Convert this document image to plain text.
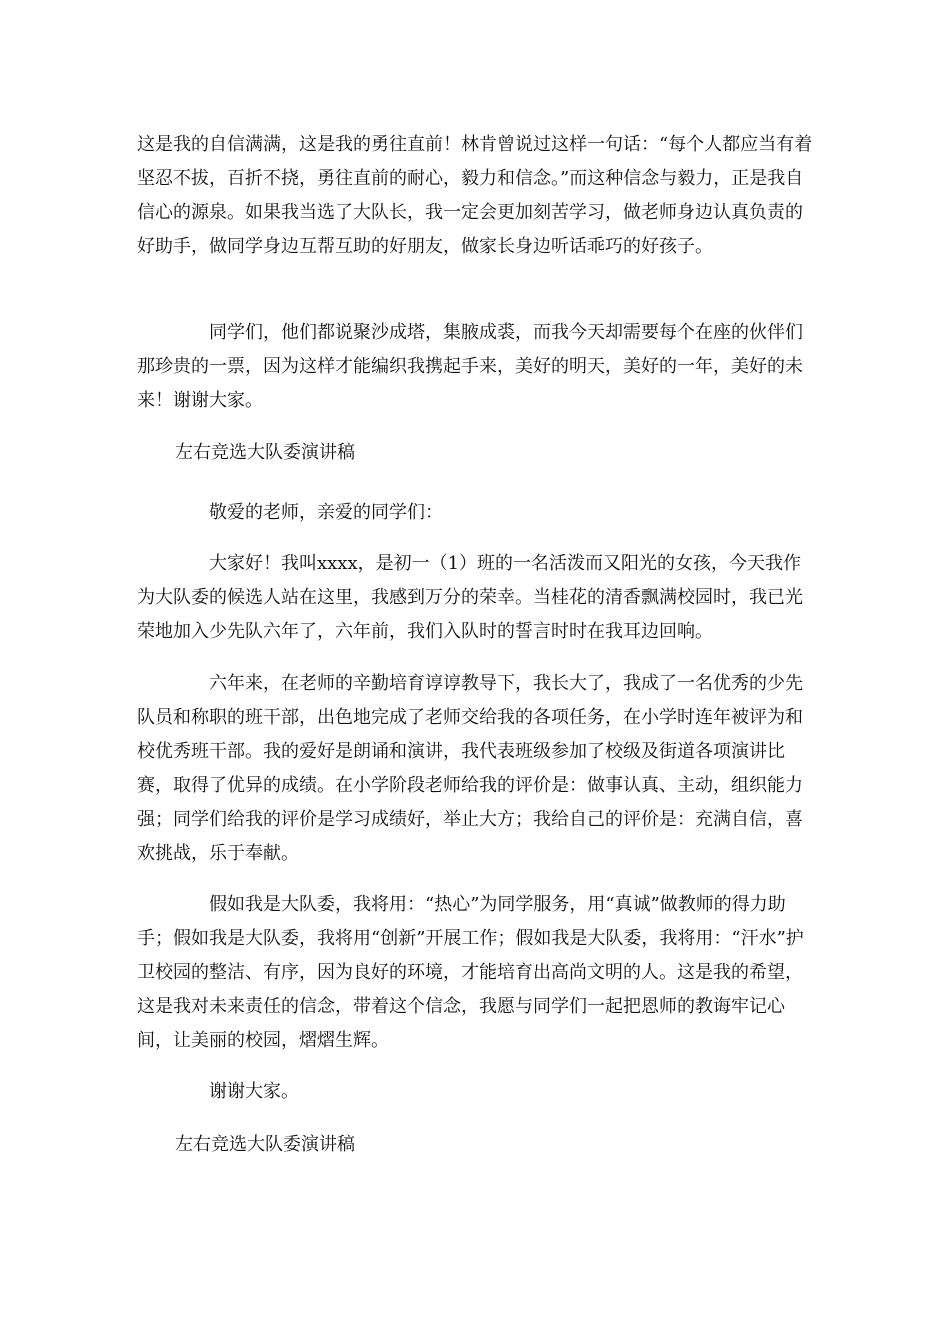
这是我的自信满满，这是我的勇往直前！林肯曾说过这样一句话：“每个人都应当有着坚忍不拔，百折不挠，勇往直前的耐心，毅力和信念。”而这种信念与毅力，正是我自信心的源泉。如果我当选了大队长，我一定会更加刻苦学习，做老师身边认真负责的好助手，做同学身边互帮互助的好朋友，做家长身边听话乖巧的好孩子。

同学们，他们都说聚沙成塔，集腋成裘，而我今天却需要每个在座的伙伴们那珍贵的一票，因为这样才能编织我携起手来，美好的明天，美好的一年，美好的未来！谢谢大家。

左右竞选大队委演讲稿

敬爱的老师，亲爱的同学们：

大家好！我叫xxxx，是初一（1）班的一名活泼而又阳光的女孩，今天我作为大队委的候选人站在这里，我感到万分的荣幸。当桂花的清香飘满校园时，我已光荣地加入少先队六年了，六年前，我们入队时的誓言时时在我耳边回响。

六年来，在老师的辛勤培育谆谆教导下，我长大了，我成了一名优秀的少先队员和称职的班干部，出色地完成了老师交给我的各项任务，在小学时连年被评为和校优秀班干部。我的爱好是朗诵和演讲，我代表班级参加了校级及街道各项演讲比赛，取得了优异的成绩。在小学阶段老师给我的评价是：做事认真、主动，组织能力强；同学们给我的评价是学习成绩好，举止大方；我给自己的评价是：充满自信，喜欢挑战，乐于奉献。

假如我是大队委，我将用：“热心”为同学服务，用“真诚”做教师的得力助手；假如我是大队委，我将用“创新”开展工作；假如我是大队委，我将用：“汗水”护卫校园的整洁、有序，因为良好的环境，才能培育出高尚文明的人。这是我的希望，这是我对未来责任的信念，带着这个信念，我愿与同学们一起把恩师的教诲牢记心间，让美丽的校园，熠熠生辉。

谢谢大家。

左右竞选大队委演讲稿
